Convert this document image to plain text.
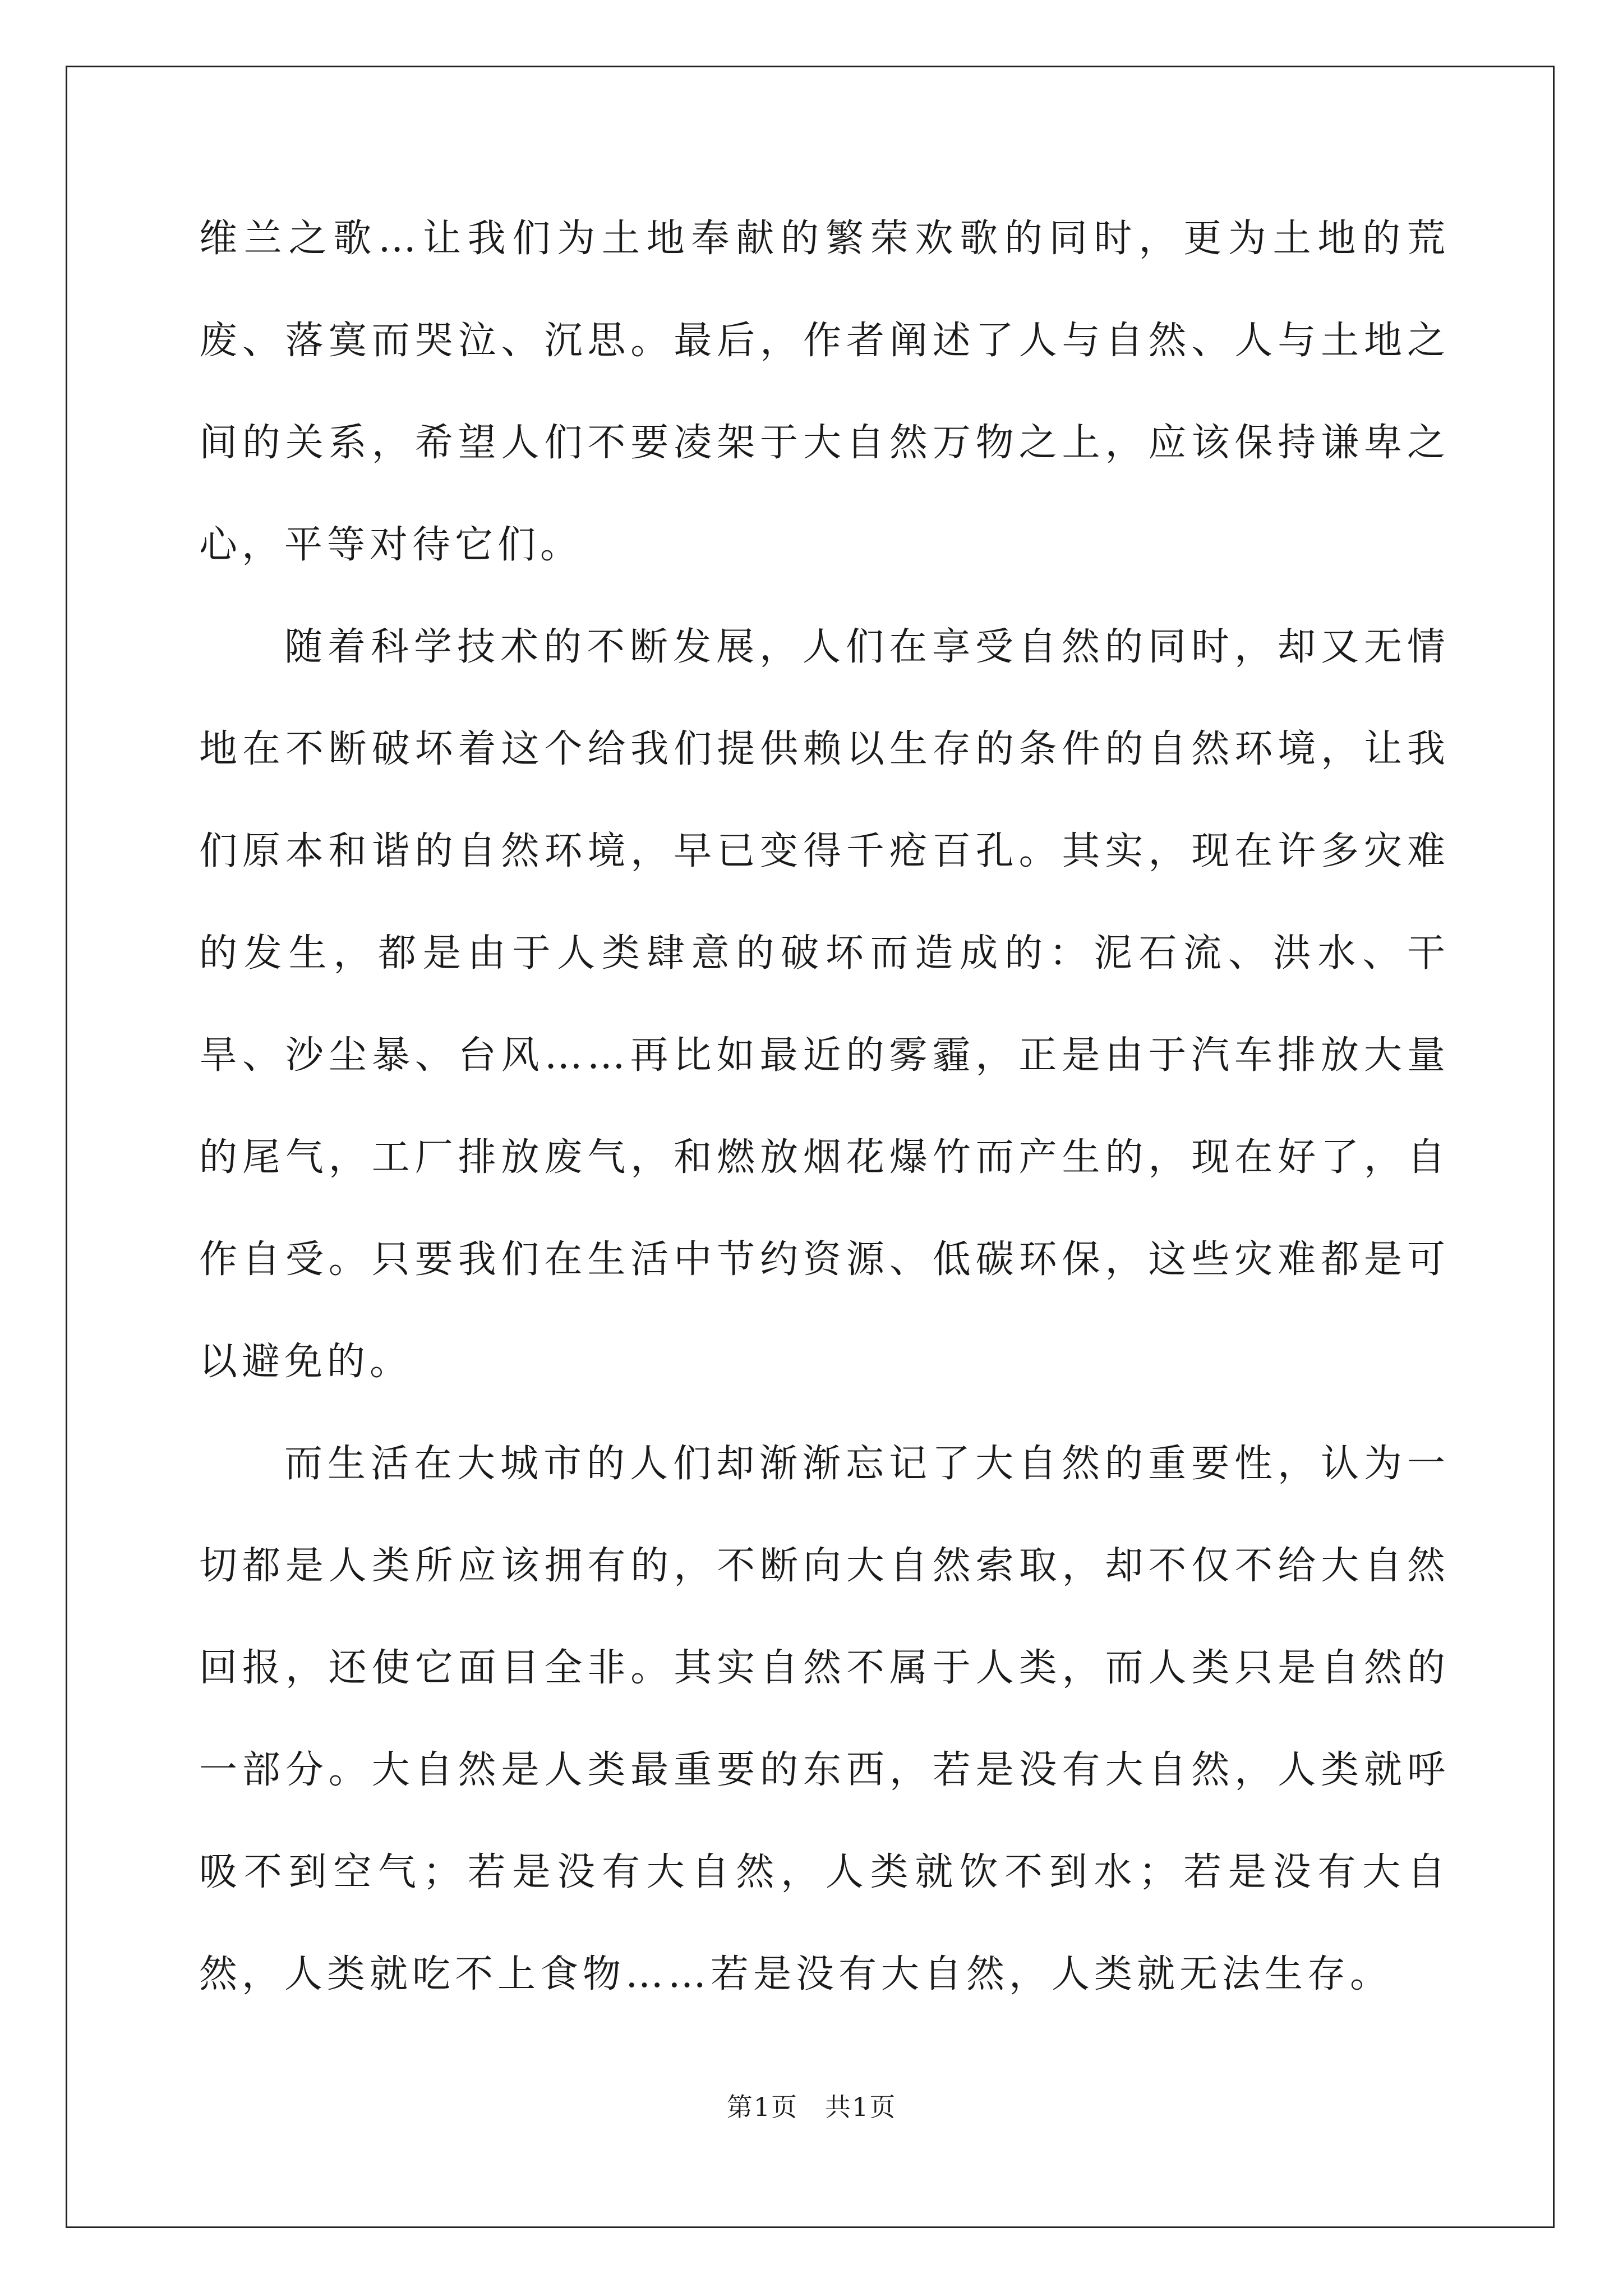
维兰之歌…让我们为土地奉献的繁荣欢歌的同时，更为土地的荒废、落寞而哭泣、沉思。最后，作者阐述了人与自然、人与土地之间的关系，希望人们不要凌架于大自然万物之上，应该保持谦卑之心，平等对待它们。

随着科学技术的不断发展，人们在享受自然的同时，却又无情地在不断破坏着这个给我们提供赖以生存的条件的自然环境，让我们原本和谐的自然环境，早已变得千疮百孔。其实，现在许多灾难的发生，都是由于人类肆意的破坏而造成的：泥石流、洪水、干旱、沙尘暴、台风……再比如最近的雾霾，正是由于汽车排放大量的尾气，工厂排放废气，和燃放烟花爆竹而产生的，现在好了，自作自受。只要我们在生活中节约资源、低碳环保，这些灾难都是可以避免的。

而生活在大城市的人们却渐渐忘记了大自然的重要性，认为一切都是人类所应该拥有的，不断向大自然索取，却不仅不给大自然回报，还使它面目全非。其实自然不属于人类，而人类只是自然的一部分。大自然是人类最重要的东西，若是没有大自然，人类就呼吸不到空气；若是没有大自然，人类就饮不到水；若是没有大自然，人类就吃不上食物……若是没有大自然，人类就无法生存。

第1页 共1页
